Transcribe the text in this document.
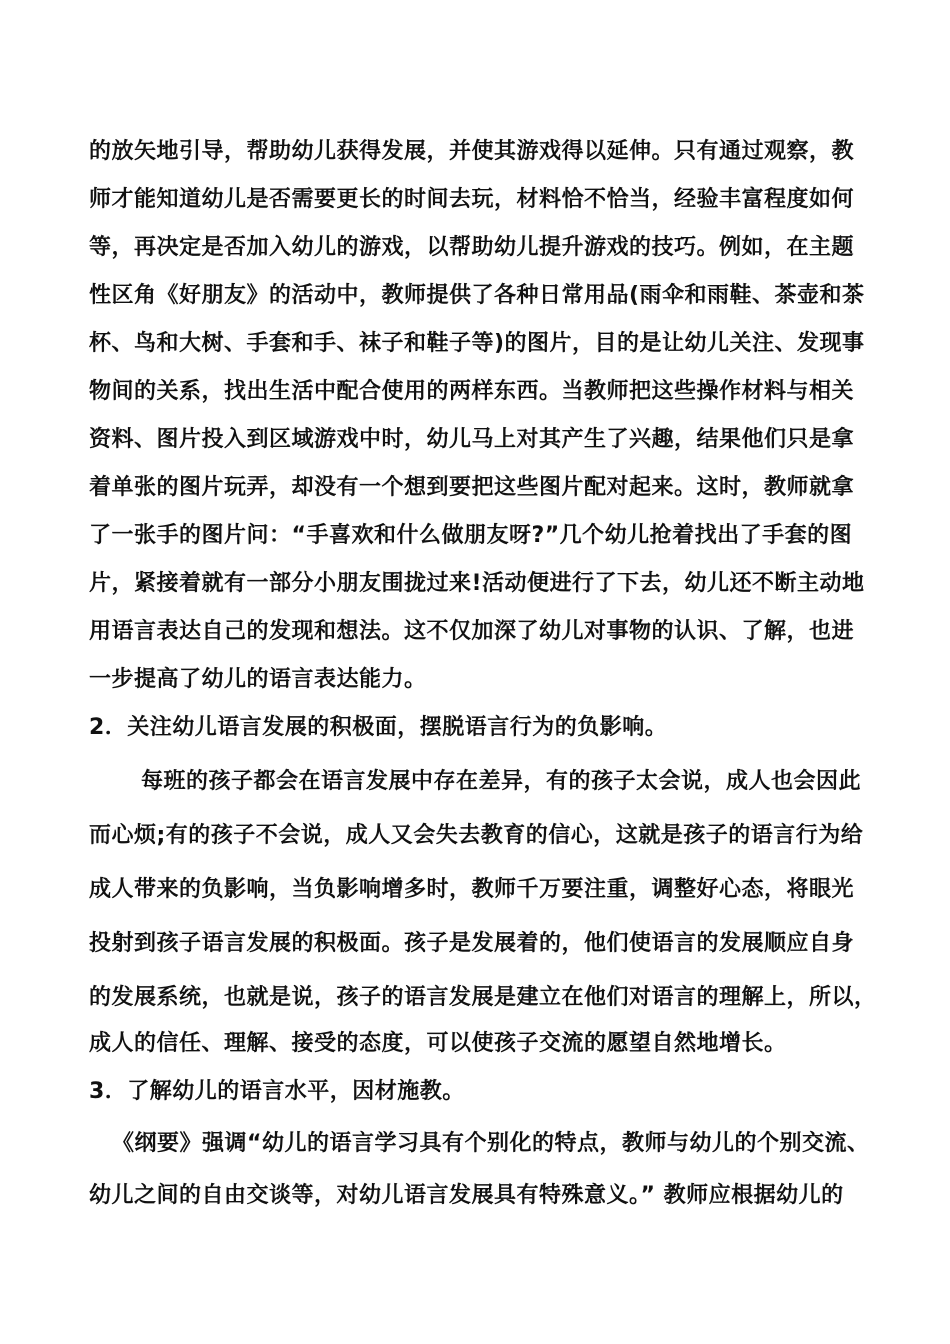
的放矢地引导，帮助幼儿获得发展，并使其游戏得以延伸。只有通过观察，教
师才能知道幼儿是否需要更长的时间去玩，材料恰不恰当，经验丰富程度如何
等，再决定是否加入幼儿的游戏，以帮助幼儿提升游戏的技巧。例如，在主题
性区角《好朋友》的活动中，教师提供了各种日常用品(雨伞和雨鞋、茶壶和茶
杯、鸟和大树、手套和手、袜子和鞋子等)的图片，目的是让幼儿关注、发现事
物间的关系，找出生活中配合使用的两样东西。当教师把这些操作材料与相关
资料、图片投入到区域游戏中时，幼儿马上对其产生了兴趣，结果他们只是拿
着单张的图片玩弄，却没有一个想到要把这些图片配对起来。这时，教师就拿
了一张手的图片问：“手喜欢和什么做朋友呀?”几个幼儿抢着找出了手套的图
片，紧接着就有一部分小朋友围拢过来!活动便进行了下去，幼儿还不断主动地
用语言表达自己的发现和想法。这不仅加深了幼儿对事物的认识、了解，也进
一步提高了幼儿的语言表达能力。
2．关注幼儿语言发展的积极面，摆脱语言行为的负影响。
每班的孩子都会在语言发展中存在差异，有的孩子太会说，成人也会因此
而心烦;有的孩子不会说，成人又会失去教育的信心，这就是孩子的语言行为给
成人带来的负影响，当负影响增多时，教师千万要注重，调整好心态，将眼光
投射到孩子语言发展的积极面。孩子是发展着的，他们使语言的发展顺应自身
的发展系统，也就是说，孩子的语言发展是建立在他们对语言的理解上，所以，
成人的信任、理解、接受的态度，可以使孩子交流的愿望自然地增长。
3．了解幼儿的语言水平，因材施教。
《纲要》强调“幼儿的语言学习具有个别化的特点，教师与幼儿的个别交流、
幼儿之间的自由交谈等，对幼儿语言发展具有特殊意义。” 教师应根据幼儿的
